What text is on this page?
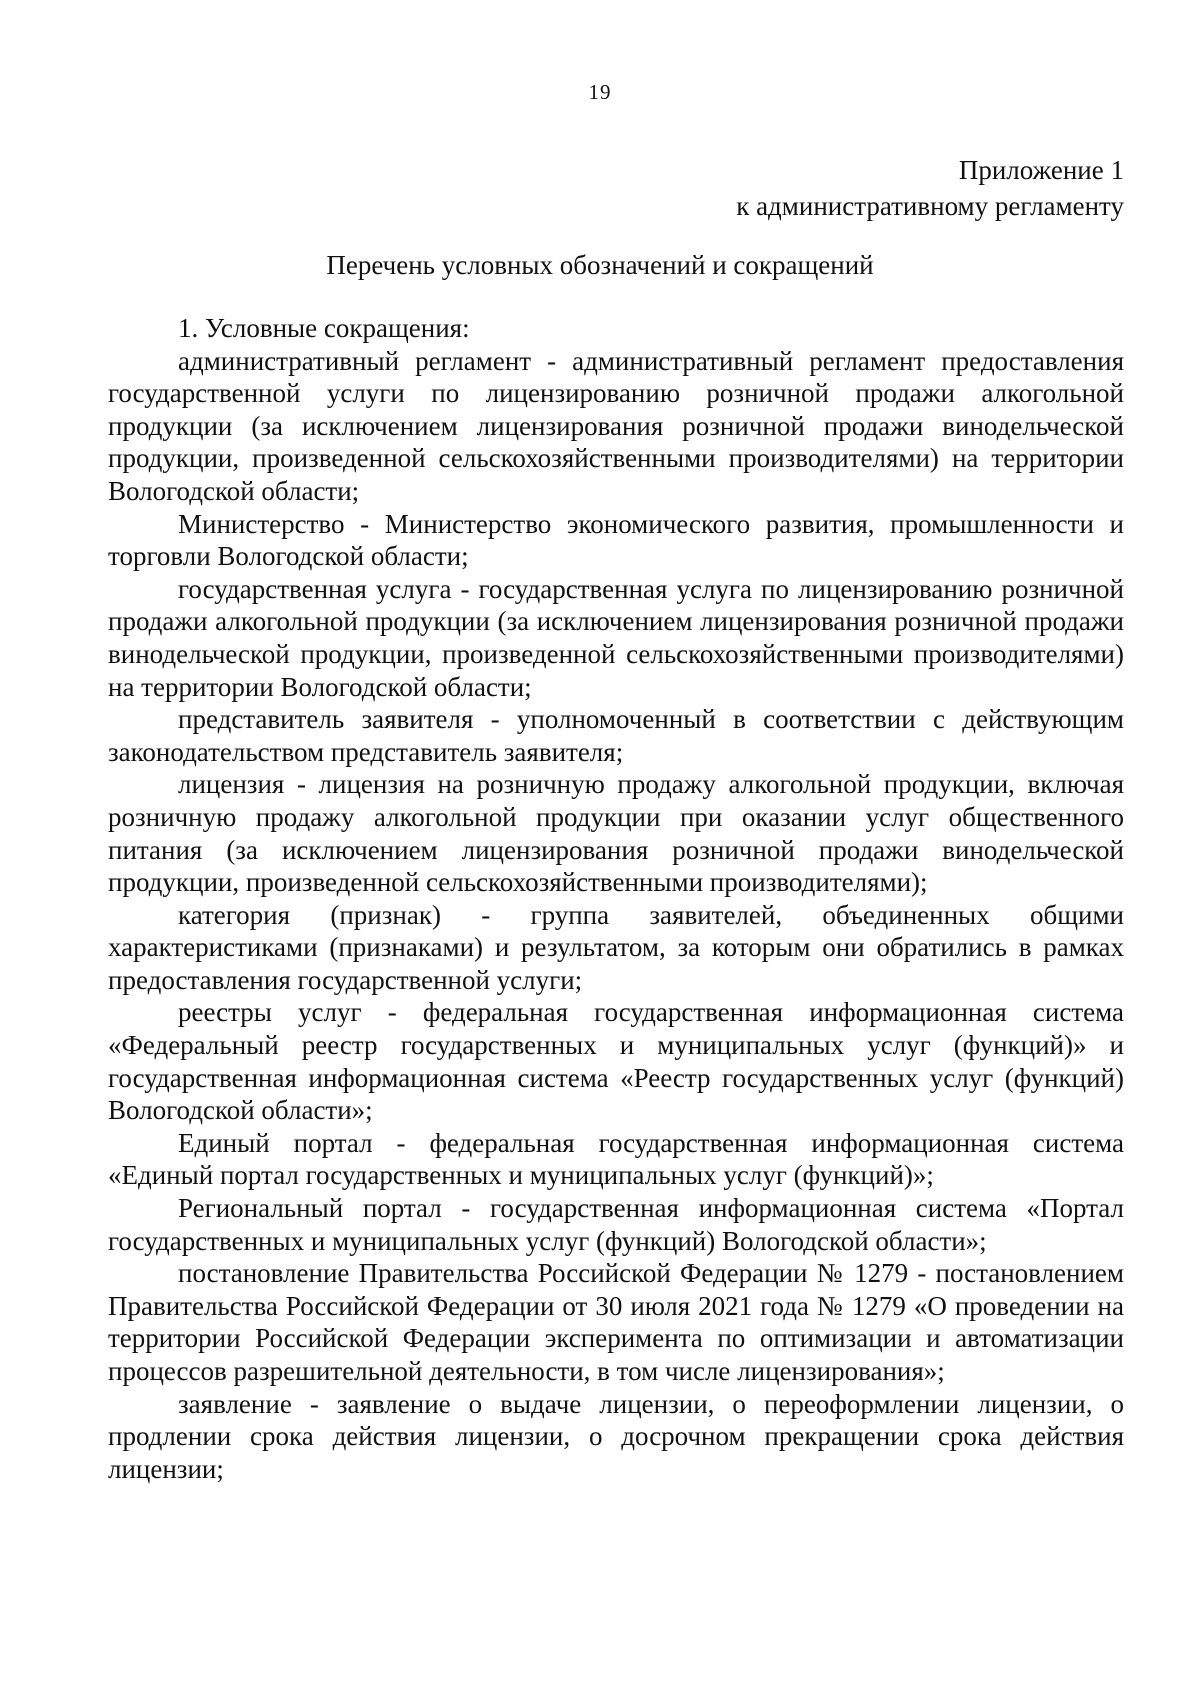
19
Приложение 1
к административному регламенту
Перечень условных обозначений и сокращений

1. Условные сокращения:

административный регламент - административный регламент предоставления государственной услуги по лицензированию розничной продажи алкогольной продукции (за исключением лицензирования розничной продажи винодельческой продукции, произведенной сельскохозяйственными производителями) на территории Вологодской области;

Министерство - Министерство экономического развития, промышленности и торговли Вологодской области;

государственная услуга - государственная услуга по лицензированию розничной продажи алкогольной продукции (за исключением лицензирования розничной продажи винодельческой продукции, произведенной сельскохозяйственными производителями) на территории Вологодской области;

представитель заявителя - уполномоченный в соответствии с действующим законодательством представитель заявителя;

лицензия - лицензия на розничную продажу алкогольной продукции, включая розничную продажу алкогольной продукции при оказании услуг общественного питания (за исключением лицензирования розничной продажи винодельческой продукции, произведенной сельскохозяйственными производителями);

категория (признак) - группа заявителей, объединенных общими характеристиками (признаками) и результатом, за которым они обратились в рамках предоставления государственной услуги;

реестры услуг - федеральная государственная информационная система «Федеральный реестр государственных и муниципальных услуг (функций)» и государственная информационная система «Реестр государственных услуг (функций) Вологодской области»;

Единый портал - федеральная государственная информационная система «Единый портал государственных и муниципальных услуг (функций)»;

Региональный портал - государственная информационная система «Портал государственных и муниципальных услуг (функций) Вологодской области»;

постановление Правительства Российской Федерации № 1279 - постановлением Правительства Российской Федерации от 30 июля 2021 года № 1279 «О проведении на территории Российской Федерации эксперимента по оптимизации и автоматизации процессов разрешительной деятельности, в том числе лицензирования»;

заявление - заявление о выдаче лицензии, о переоформлении лицензии, о продлении срока действия лицензии, о досрочном прекращении срока действия лицензии;
